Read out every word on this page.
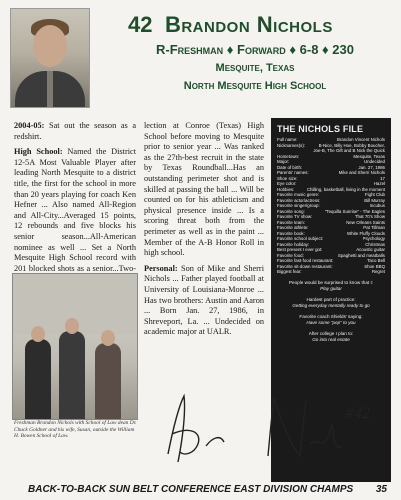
42 Brandon Nichols
R-Freshman ♦ Forward ♦ 6-8 ♦ 230
Mesquite, Texas
North Mesquite High School

2004-05: Sat out the season as a redshirt.

High School: Named the District 12-5A Most Valuable Player after leading North Mesquite to a district title, the first for the school in more than 20 years playing for coach Ken Hefner ... Also named All-Region and All-City...Averaged 15 points, 12 rebounds and five blocks his senior season...All-American nominee as well ... Set a North Mesquite High School record with 201 blocked shots as a senior...Two-

lection at Conroe (Texas) High School before moving to Mesquite prior to senior year ... Was ranked as the 27th-best recruit in the state by Texas Roundball...Has an outstanding perimeter shot and is skilled at passing the ball ... Will be counted on for his athleticism and physical presence inside ... Is a scoring threat both from the perimeter as well as in the paint ... Member of the A-B Honor Roll in high school.

Personal: Son of Mike and Sherri Nichols ... Father played football at University of Louisiana-Monroe ... Has two brothers: Austin and Aaron ... Born Jan. 27, 1986, in Shreveport, La. ... Undecided on academic major at UALR.

THE NICHOLS FILE
Full name:	Brandon Vincent Nichols
Nicknames(s):	B-Nice, Billy Hoe, Bobby Boucher,
Joe-B, The Gift and B Nick the Quick
Hometown:	Mesquite, Texas
Major:	Undecided
Date of birth:	Jan. 27, 1986
Parents' names:	Mike and Sherri Nichols
Shoe size:	17
Eye color:	Hazel
Hobbies:	Chilling, basketball, living in the moment
Favorite music genre:	Fight Club
Favorite actor/actress:	Bill Murray
Favorite singer/group:	Incubus
Favorite song:	"Tequilla Sunrise" - The Eagles
Favorite TV show:	That 70's Show
Favorite team:	New Orleans Saints
Favorite athlete:	Pat Tillman
Favorite book:	White Fluffy Clouds
Favorite school subject:	Psychology
Favorite holiday:	Christmas
Best present I ever got:	Acoustic guitar
Favorite food:	Spaghetti and meatballs
Favorite fast-food restaurant:	Taco Bell
Favorite sit-down restaurant:	Shoe BBQ
Biggest fear:	Regret
People would be surprised to know that I:
Play guitar
Hardest part of practice:
Getting everyday mentally ready to go
Favorite coach Shields' saying:
Have some "pep" to you
After college I plan to:
Go into real estate
Freshman Brandon Nichols with School of Law dean Dr. Chuck Goldner and his wife, Susan, outside the William H. Bowen School of Law.
#42
BACK-TO-BACK SUN BELT CONFERENCE EAST DIVISION CHAMPS 35
